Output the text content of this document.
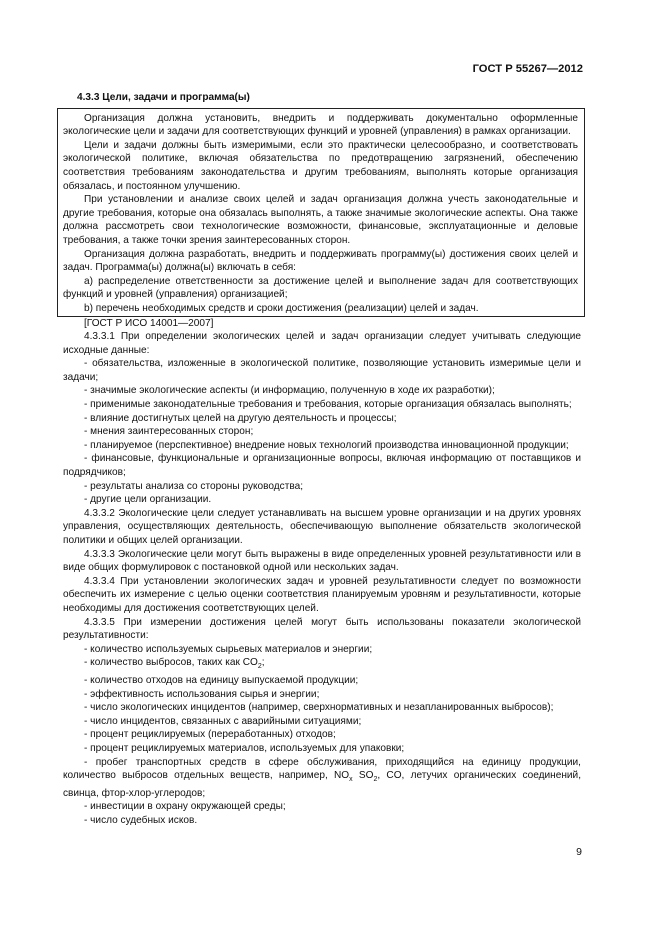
ГОСТ Р 55267—2012

4.3.3 Цели, задачи и программа(ы)

Организация должна установить, внедрить и поддерживать документально оформленные экологические цели и задачи для соответствующих функций и уровней (управления) в рамках организации.

Цели и задачи должны быть измеримыми, если это практически целесообразно, и соответствовать экологической политике, включая обязательства по предотвращению загрязнений, обеспечению соответствия требованиям законодательства и другим требованиям, выполнять которые организация обязалась, и постоянном улучшению.

При установлении и анализе своих целей и задач организация должна учесть законодательные и другие требования, которые она обязалась выполнять, а также значимые экологические аспекты. Она также должна рассмотреть свои технологические возможности, финансовые, эксплуатационные и деловые требования, а также точки зрения заинтересованных сторон.

Организация должна разработать, внедрить и поддерживать программу(ы) достижения своих целей и задач. Программа(ы) должна(ы) включать в себя:

а) распределение ответственности за достижение целей и выполнение задач для соответствующих функций и уровней (управления) организацией;

b) перечень необходимых средств и сроки достижения (реализации) целей и задач.

[ГОСТ Р ИСО 14001—2007]

4.3.3.1 При определении экологических целей и задач организации следует учитывать следующие исходные данные:

- обязательства, изложенные в экологической политике, позволяющие установить измеримые цели и задачи;

- значимые экологические аспекты (и информацию, полученную в ходе их разработки);

- применимые законодательные требования и требования, которые организация обязалась выполнять;

- влияние достигнутых целей на другую деятельность и процессы;

- мнения заинтересованных сторон;

- планируемое (перспективное) внедрение новых технологий производства инновационной продукции;

- финансовые, функциональные и организационные вопросы, включая информацию от поставщиков и подрядчиков;

- результаты анализа со стороны руководства;

- другие цели организации.

4.3.3.2 Экологические цели следует устанавливать на высшем уровне организации и на других уровнях управления, осуществляющих деятельность, обеспечивающую выполнение обязательств экологической политики и общих целей организации.

4.3.3.3 Экологические цели могут быть выражены в виде определенных уровней результативности или в виде общих формулировок с постановкой одной или нескольких задач.

4.3.3.4 При установлении экологических задач и уровней результативности следует по возможности обеспечить их измерение с целью оценки соответствия планируемым уровням и результативности, которые необходимы для достижения соответствующих целей.

4.3.3.5 При измерении достижения целей могут быть использованы показатели экологической результативности:

- количество используемых сырьевых материалов и энергии;

- количество выбросов, таких как $CO_2$;

- количество отходов на единицу выпускаемой продукции;

- эффективность использования сырья и энергии;

- число экологических инцидентов (например, сверхнормативных и незапланированных выбросов);

- число инцидентов, связанных с аварийными ситуациями;

- процент рециклируемых (переработанных) отходов;

- процент рециклируемых материалов, используемых для упаковки;

- пробег транспортных средств в сфере обслуживания, приходящийся на единицу продукции, количество выбросов отдельных веществ, например, $NO_x$ $SO_2$, CO, летучих органических соединений, свинца, фтор-хлор-углеродов;

- инвестиции в охрану окружающей среды;

- число судебных исков.

9
